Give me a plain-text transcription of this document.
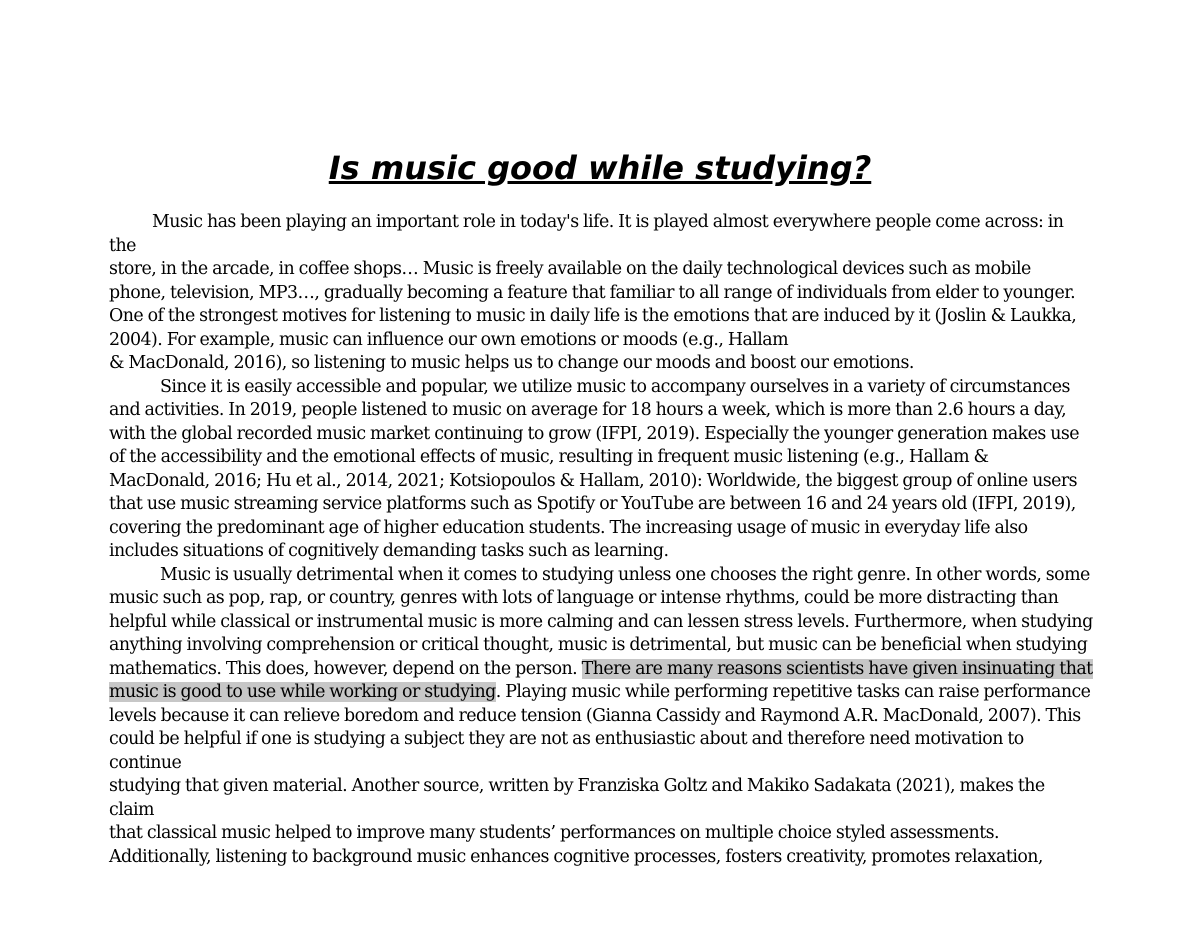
Is music good while studying?
Music has been playing an important role in today's life. It is played almost everywhere people come across: in the
store, in the arcade, in coffee shops… Music is freely available on the daily technological devices such as mobile
phone, television, MP3…, gradually becoming a feature that familiar to all range of individuals from elder to younger.
One of the strongest motives for listening to music in daily life is the emotions that are induced by it (Joslin & Laukka,
2004). For example, music can influence our own emotions or moods (e.g., Hallam
& MacDonald, 2016), so listening to music helps us to change our moods and boost our emotions.
Since it is easily accessible and popular, we utilize music to accompany ourselves in a variety of circumstances
and activities. In 2019, people listened to music on average for 18 hours a week, which is more than 2.6 hours a day,
with the global recorded music market continuing to grow (IFPI, 2019). Especially the younger generation makes use
of the accessibility and the emotional effects of music, resulting in frequent music listening (e.g., Hallam &
MacDonald, 2016; Hu et al., 2014, 2021; Kotsiopoulos & Hallam, 2010): Worldwide, the biggest group of online users
that use music streaming service platforms such as Spotify or YouTube are between 16 and 24 years old (IFPI, 2019),
covering the predominant age of higher education students. The increasing usage of music in everyday life also
includes situations of cognitively demanding tasks such as learning.
Music is usually detrimental when it comes to studying unless one chooses the right genre. In other words, some
music such as pop, rap, or country, genres with lots of language or intense rhythms, could be more distracting than
helpful while classical or instrumental music is more calming and can lessen stress levels. Furthermore, when studying
anything involving comprehension or critical thought, music is detrimental, but music can be beneficial when studying
mathematics. This does, however, depend on the person. There are many reasons scientists have given insinuating that
music is good to use while working or studying. Playing music while performing repetitive tasks can raise performance
levels because it can relieve boredom and reduce tension (Gianna Cassidy and Raymond A.R. MacDonald, 2007). This
could be helpful if one is studying a subject they are not as enthusiastic about and therefore need motivation to continue
studying that given material. Another source, written by Franziska Goltz and Makiko Sadakata (2021), makes the claim
that classical music helped to improve many students’ performances on multiple choice styled assessments.
Additionally, listening to background music enhances cognitive processes, fosters creativity, promotes relaxation,
